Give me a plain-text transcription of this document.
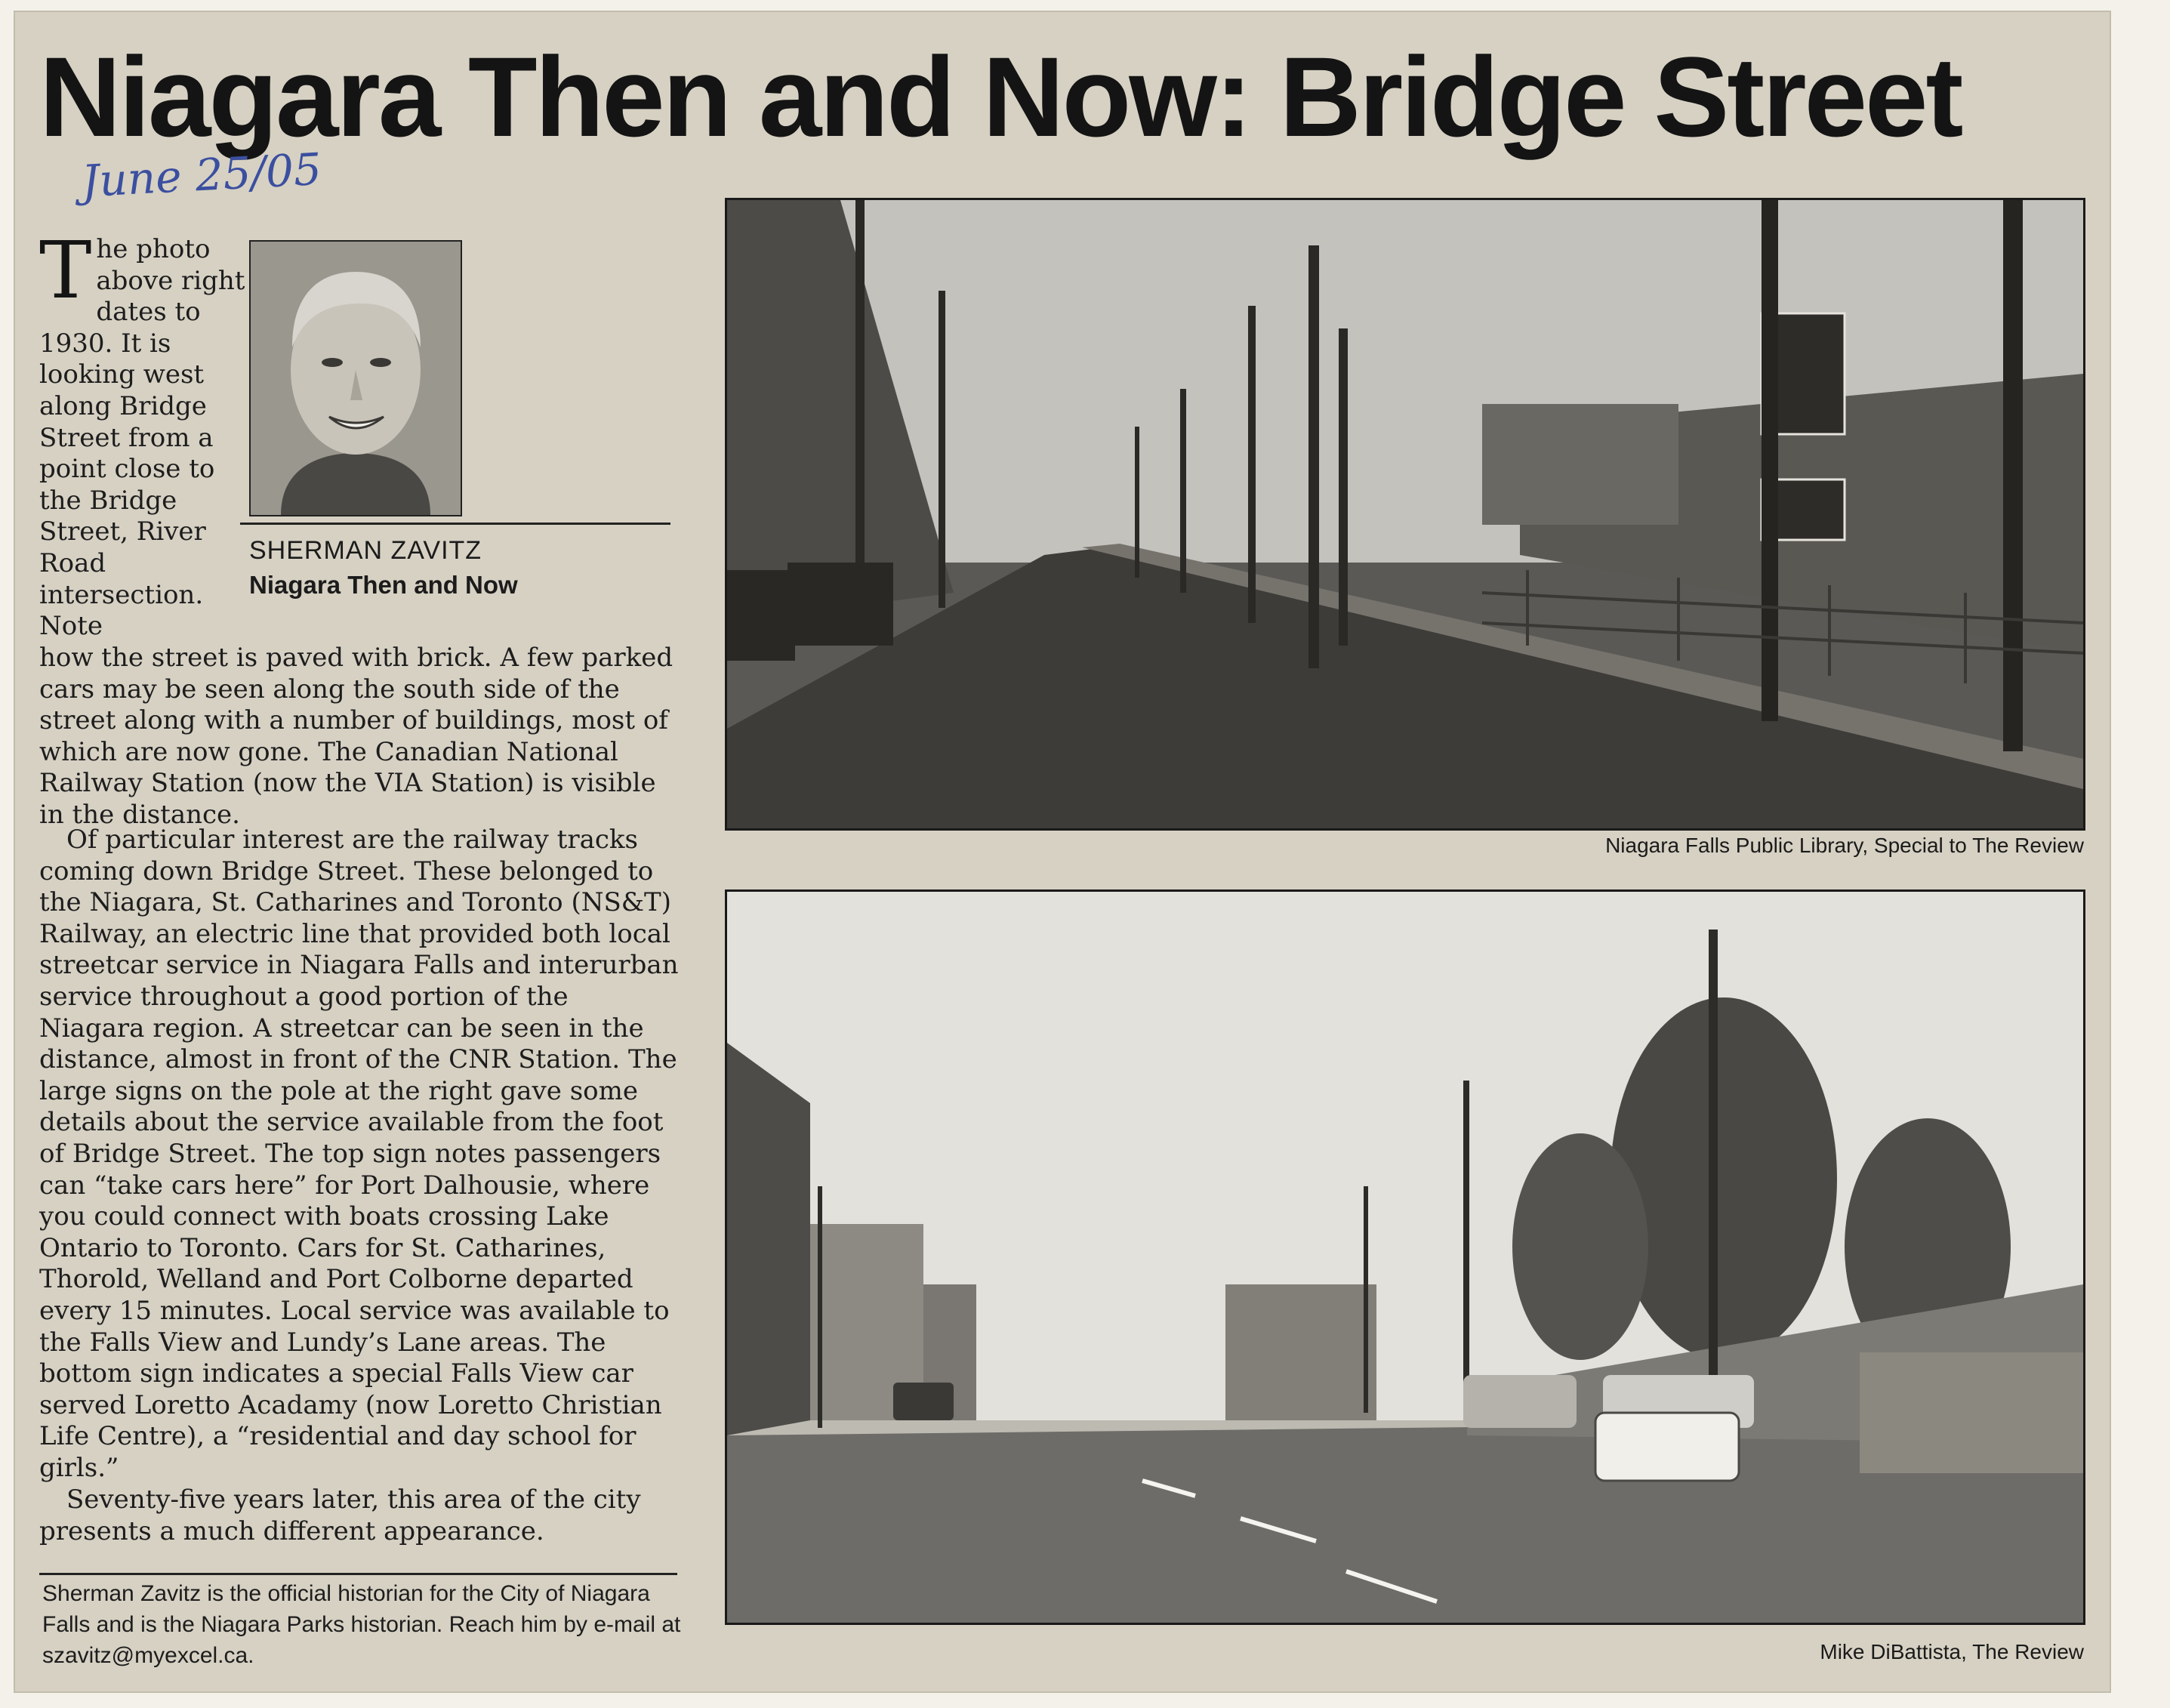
Niagara Then and Now: Bridge Street
June 25/05
SHERMAN ZAVITZ
Niagara Then and Now
The photo above right dates to 1930. It is looking west along Bridge Street from a point close to the Bridge Street, River Road intersection. Note

how the street is paved with brick. A few parked cars may be seen along the south side of the street along with a number of buildings, most of which are now gone. The Canadian National Railway Station (now the VIA Station) is visible in the distance.

Of particular interest are the railway tracks coming down Bridge Street. These belonged to the Niagara, St. Catharines and Toronto (NS&T) Railway, an electric line that provided both local streetcar service in Niagara Falls and interurban service throughout a good portion of the Niagara region. A streetcar can be seen in the distance, almost in front of the CNR Station. The large signs on the pole at the right gave some details about the service available from the foot of Bridge Street. The top sign notes passengers can “take cars here” for Port Dalhousie, where you could connect with boats crossing Lake Ontario to Toronto. Cars for St. Catharines, Thorold, Welland and Port Colborne departed every 15 minutes. Local service was available to the Falls View and Lundy’s Lane areas. The bottom sign indicates a special Falls View car served Loretto Acadamy (now Loretto Christian Life Centre), a “residential and day school for girls.”

Seventy-five years later, this area of the city presents a much different appearance.

Sherman Zavitz is the official historian for the City of Niagara Falls and is the Niagara Parks historian. Reach him by e-mail at szavitz@myexcel.ca.
Niagara Falls Public Library, Special to The Review
Mike DiBattista, The Review
